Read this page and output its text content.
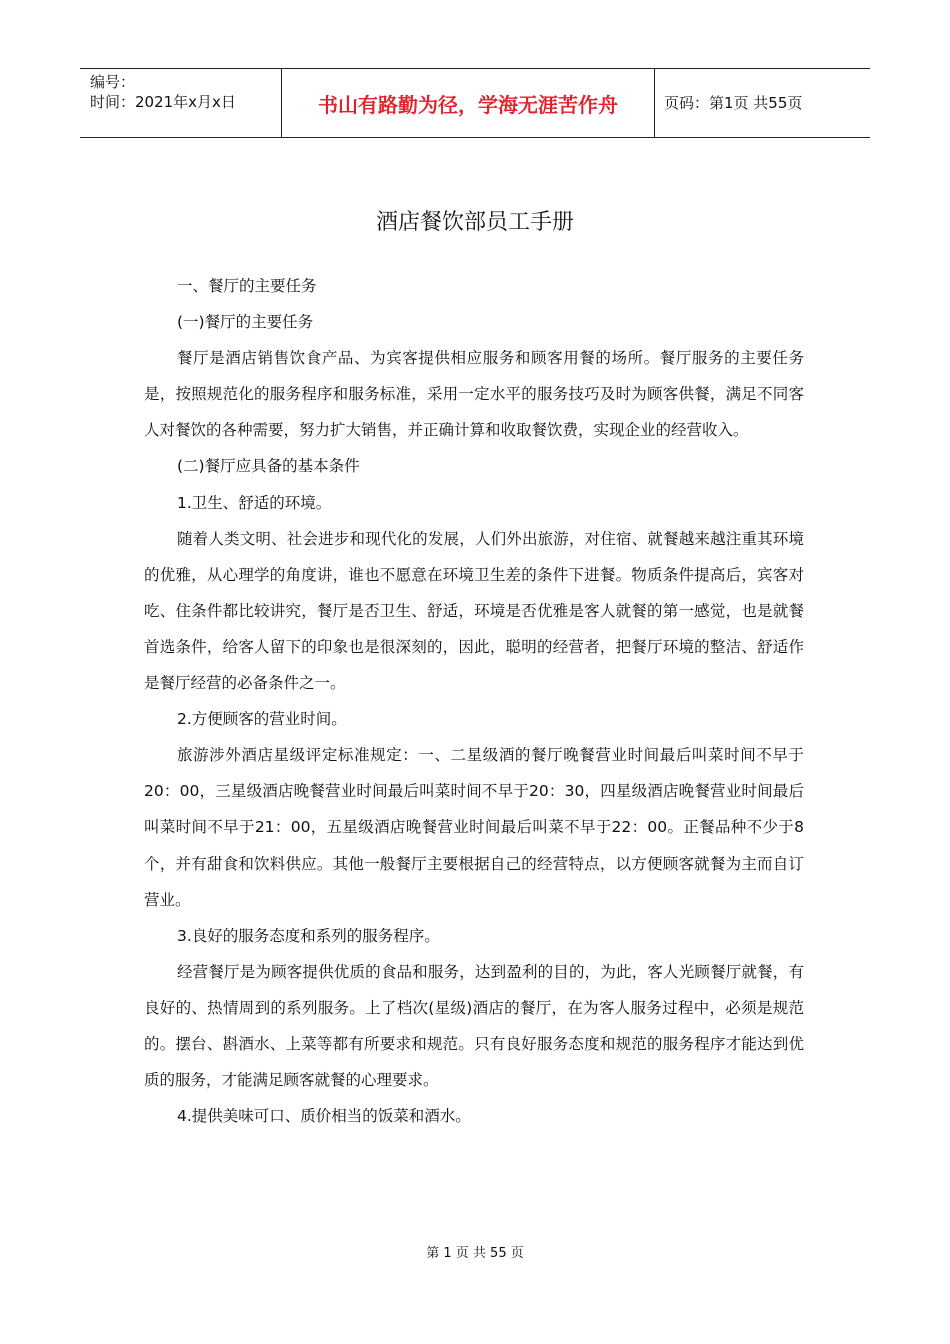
编号：
时间：2021年x月x日	书山有路勤为径，学海无涯苦作舟	页码：第1页 共55页
酒店餐饮部员工手册

一、餐厅的主要任务

(一)餐厅的主要任务

餐厅是酒店销售饮食产品、为宾客提供相应服务和顾客用餐的场所。餐厅服务的主要任务是，按照规范化的服务程序和服务标准，采用一定水平的服务技巧及时为顾客供餐，满足不同客人对餐饮的各种需要，努力扩大销售，并正确计算和收取餐饮费，实现企业的经营收入。

(二)餐厅应具备的基本条件

1.卫生、舒适的环境。

随着人类文明、社会进步和现代化的发展，人们外出旅游，对住宿、就餐越来越注重其环境的优雅，从心理学的角度讲，谁也不愿意在环境卫生差的条件下进餐。物质条件提高后，宾客对吃、住条件都比较讲究，餐厅是否卫生、舒适，环境是否优雅是客人就餐的第一感觉，也是就餐首选条件，给客人留下的印象也是很深刻的，因此，聪明的经营者，把餐厅环境的整洁、舒适作是餐厅经营的必备条件之一。

2.方便顾客的营业时间。

旅游涉外酒店星级评定标准规定：一、二星级酒的餐厅晚餐营业时间最后叫菜时间不早于20：00，三星级酒店晚餐营业时间最后叫菜时间不早于20：30，四星级酒店晚餐营业时间最后叫菜时间不早于21：00，五星级酒店晚餐营业时间最后叫菜不早于22：00。正餐品种不少于8个，并有甜食和饮料供应。其他一般餐厅主要根据自己的经营特点，以方便顾客就餐为主而自订营业。

3.良好的服务态度和系列的服务程序。

经营餐厅是为顾客提供优质的食品和服务，达到盈利的目的，为此，客人光顾餐厅就餐，有良好的、热情周到的系列服务。上了档次(星级)酒店的餐厅，在为客人服务过程中，必须是规范的。摆台、斟酒水、上菜等都有所要求和规范。只有良好服务态度和规范的服务程序才能达到优质的服务，才能满足顾客就餐的心理要求。

4.提供美味可口、质价相当的饭菜和酒水。

第 1 页 共 55 页
